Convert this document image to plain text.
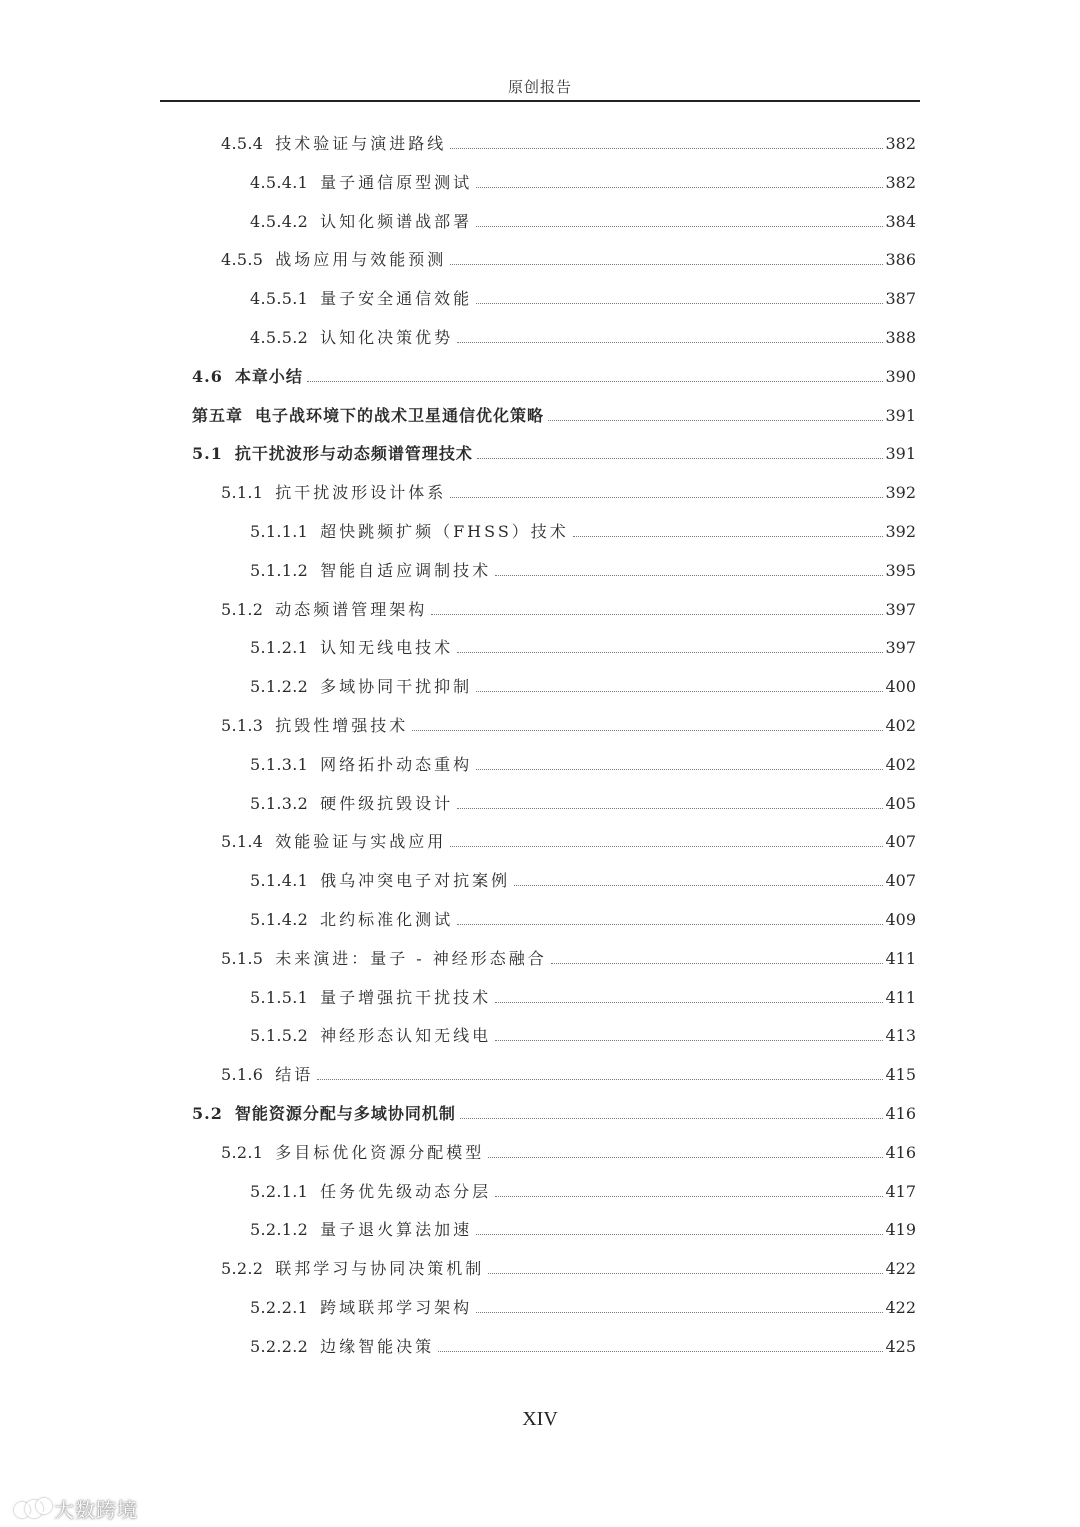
原创报告
4.5.4 技术验证与演进路线	382
4.5.4.1 量子通信原型测试	382
4.5.4.2 认知化频谱战部署	384
4.5.5 战场应用与效能预测	386
4.5.5.1 量子安全通信效能	387
4.5.5.2 认知化决策优势	388
4.6 本章小结	390
第五章 电子战环境下的战术卫星通信优化策略	391
5.1 抗干扰波形与动态频谱管理技术	391
5.1.1 抗干扰波形设计体系	392
5.1.1.1 超快跳频扩频（FHSS）技术	392
5.1.1.2 智能自适应调制技术	395
5.1.2 动态频谱管理架构	397
5.1.2.1 认知无线电技术	397
5.1.2.2 多域协同干扰抑制	400
5.1.3 抗毁性增强技术	402
5.1.3.1 网络拓扑动态重构	402
5.1.3.2 硬件级抗毁设计	405
5.1.4 效能验证与实战应用	407
5.1.4.1 俄乌冲突电子对抗案例	407
5.1.4.2 北约标准化测试	409
5.1.5 未来演进：量子 - 神经形态融合	411
5.1.5.1 量子增强抗干扰技术	411
5.1.5.2 神经形态认知无线电	413
5.1.6 结语	415
5.2 智能资源分配与多域协同机制	416
5.2.1 多目标优化资源分配模型	416
5.2.1.1 任务优先级动态分层	417
5.2.1.2 量子退火算法加速	419
5.2.2 联邦学习与协同决策机制	422
5.2.2.1 跨域联邦学习架构	422
5.2.2.2 边缘智能决策	425
XIV
大数跨境
